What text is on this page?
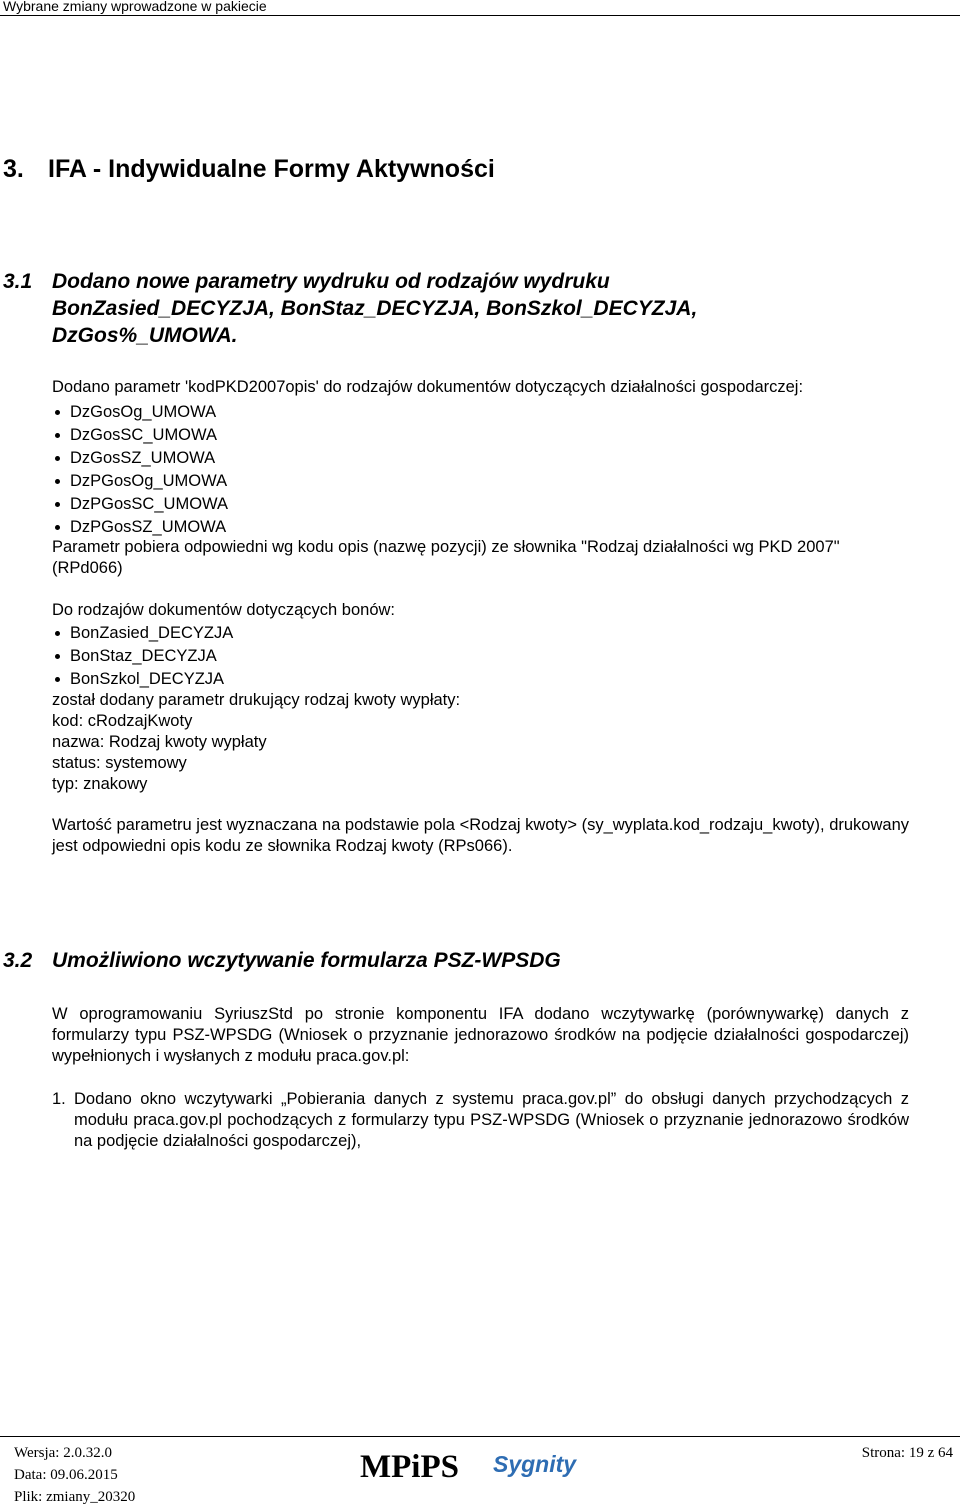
Wybrane zmiany wprowadzone w pakiecie
3. IFA - Indywidualne Formy Aktywności
3.1 Dodano nowe parametry wydruku od rodzajów wydruku
BonZasied_DECYZJA, BonStaz_DECYZJA, BonSzkol_DECYZJA,
DzGos%_UMOWA.
Dodano parametr 'kodPKD2007opis' do rodzajów dokumentów dotyczących działalności gospodarczej:
DzGosOg_UMOWA
DzGosSC_UMOWA
DzGosSZ_UMOWA
DzPGosOg_UMOWA
DzPGosSC_UMOWA
DzPGosSZ_UMOWA
Parametr pobiera odpowiedni wg kodu opis (nazwę pozycji) ze słownika "Rodzaj działalności wg PKD 2007" (RPd066)
Do rodzajów dokumentów dotyczących bonów:
BonZasied_DECYZJA
BonStaz_DECYZJA
BonSzkol_DECYZJA
został dodany parametr drukujący rodzaj kwoty wypłaty:
kod: cRodzajKwoty
nazwa: Rodzaj kwoty wypłaty
status: systemowy
typ: znakowy
Wartość parametru jest wyznaczana na podstawie pola <Rodzaj kwoty> (sy_wyplata.kod_rodzaju_kwoty), drukowany jest odpowiedni opis kodu ze słownika Rodzaj kwoty (RPs066).
3.2 Umożliwiono wczytywanie formularza PSZ-WPSDG
W oprogramowaniu SyriuszStd po stronie komponentu IFA dodano wczytywarkę (porównywarkę) danych z formularzy typu PSZ-WPSDG (Wniosek o przyznanie jednorazowo środków na podjęcie działalności gospodarczej) wypełnionych i wysłanych z modułu praca.gov.pl:
1. Dodano okno wczytywarki „Pobierania danych z systemu praca.gov.pl” do obsługi danych przychodzących z modułu praca.gov.pl pochodzących z formularzy typu PSZ-WPSDG (Wniosek o przyznanie jednorazowo środków na podjęcie działalności gospodarczej),
Wersja: 2.0.32.0
Data: 09.06.2015
Plik: zmiany_20320
MPiPS Sygnity	Strona: 19 z 64
